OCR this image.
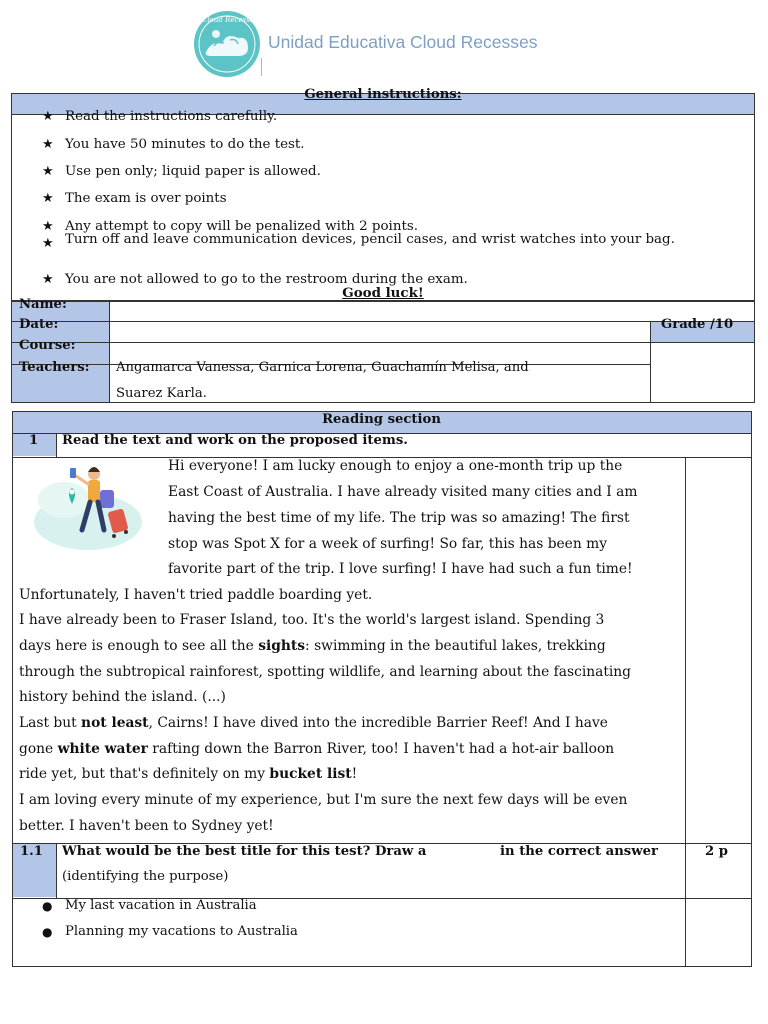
Cloud Recesses
Unidad Educativa Cloud Recesses
General instructions:
★ Read the instructions carefully.
★ You have 50 minutes to do the test.
★ Use pen only; liquid paper is allowed.
★ The exam is over points
★ Any attempt to copy will be penalized with 2 points.
★ Turn off and leave communication devices, pencil cases, and wrist watches into your bag.
★ You are not allowed to go to the restroom during the exam.
Good luck!
Name:
Date:
Course:
Teachers: Angamarca Vanessa, Garnica Lorena, Guachamín Melisa, and
Suarez Karla.
Grade /10
Reading section
1 Read the text and work on the proposed items.
Hi everyone! I am lucky enough to enjoy a one-month trip up the
East Coast of Australia. I have already visited many cities and I am
having the best time of my life. The trip was so amazing! The first
stop was Spot X for a week of surfing! So far, this has been my
favorite part of the trip. I love surfing! I have had such a fun time!
Unfortunately, I haven't tried paddle boarding yet.
I have already been to Fraser Island, too. It's the world's largest island. Spending 3
days here is enough to see all the sights: swimming in the beautiful lakes, trekking
through the subtropical rainforest, spotting wildlife, and learning about the fascinating
history behind the island. (...)
Last but not least, Cairns! I have dived into the incredible Barrier Reef! And I have
gone white water rafting down the Barron River, too! I haven't had a hot-air balloon
ride yet, but that's definitely on my bucket list!
I am loving every minute of my experience, but I'm sure the next few days will be even
better. I haven't been to Sydney yet!
1.1 What would be the best title for this test? Draw a	in the correct answer
(identifying the purpose)
2 p
● My last vacation in Australia
● Planning my vacations to Australia
